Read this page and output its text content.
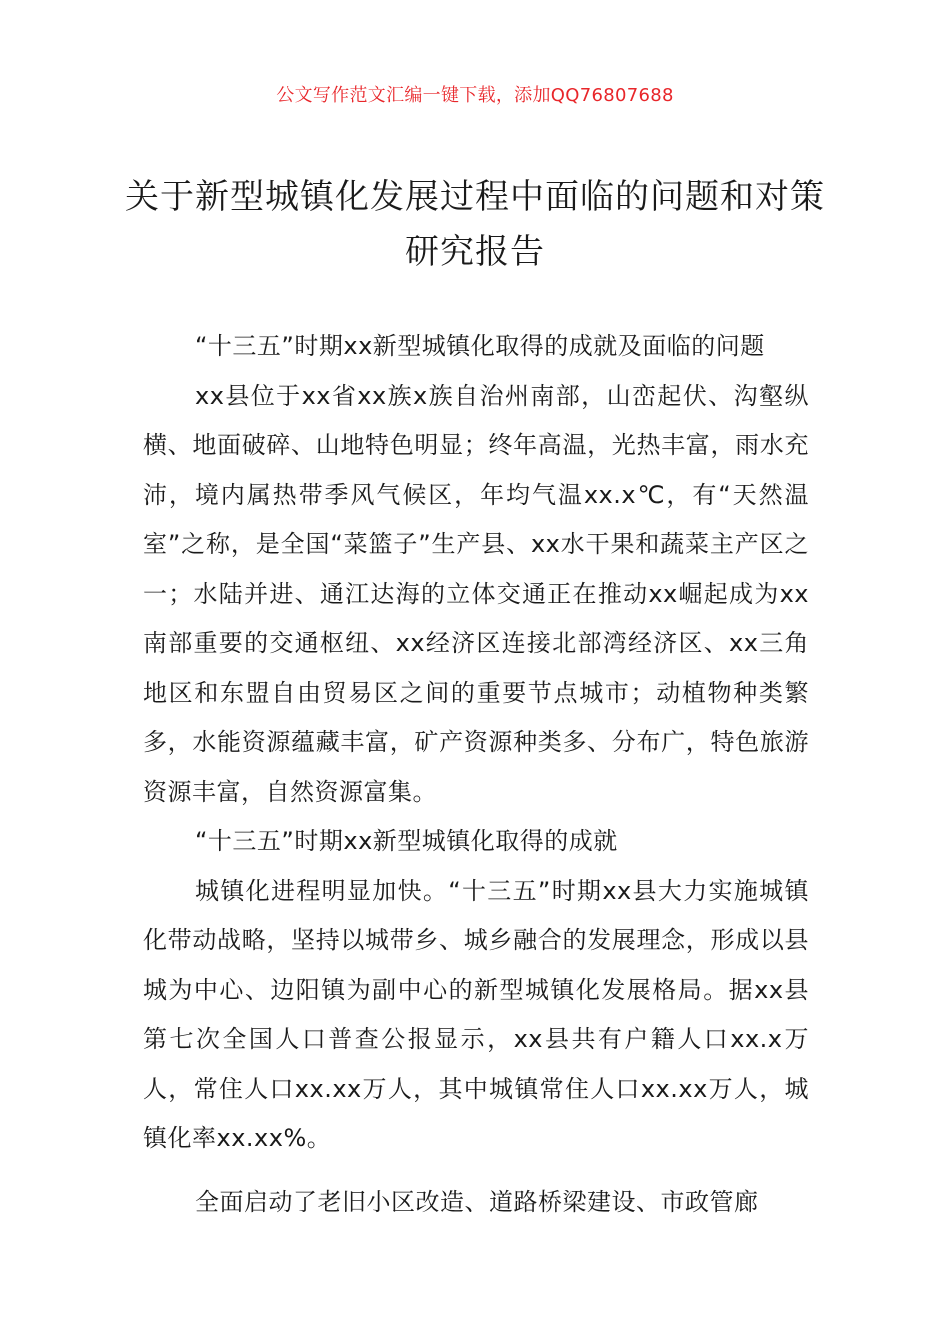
公文写作范文汇编一键下载，添加QQ76807688
关于新型城镇化发展过程中面临的问题和对策研究报告

“十三五”时期xx新型城镇化取得的成就及面临的问题

xx县位于xx省xx族x族自治州南部，山峦起伏、沟壑纵横、地面破碎、山地特色明显；终年高温，光热丰富，雨水充沛，境内属热带季风气候区，年均气温xx.x℃，有“天然温室”之称，是全国“菜篮子”生产县、xx水干果和蔬菜主产区之一；水陆并进、通江达海的立体交通正在推动xx崛起成为xx南部重要的交通枢纽、xx经济区连接北部湾经济区、xx三角地区和东盟自由贸易区之间的重要节点城市；动植物种类繁多，水能资源蕴藏丰富，矿产资源种类多、分布广，特色旅游资源丰富，自然资源富集。

“十三五”时期xx新型城镇化取得的成就

城镇化进程明显加快。“十三五”时期xx县大力实施城镇化带动战略，坚持以城带乡、城乡融合的发展理念，形成以县城为中心、边阳镇为副中心的新型城镇化发展格局。据xx县第七次全国人口普查公报显示，xx县共有户籍人口xx.x万人，常住人口xx.xx万人，其中城镇常住人口xx.xx万人，城镇化率xx.xx%。

全面启动了老旧小区改造、道路桥梁建设、市政管廊
